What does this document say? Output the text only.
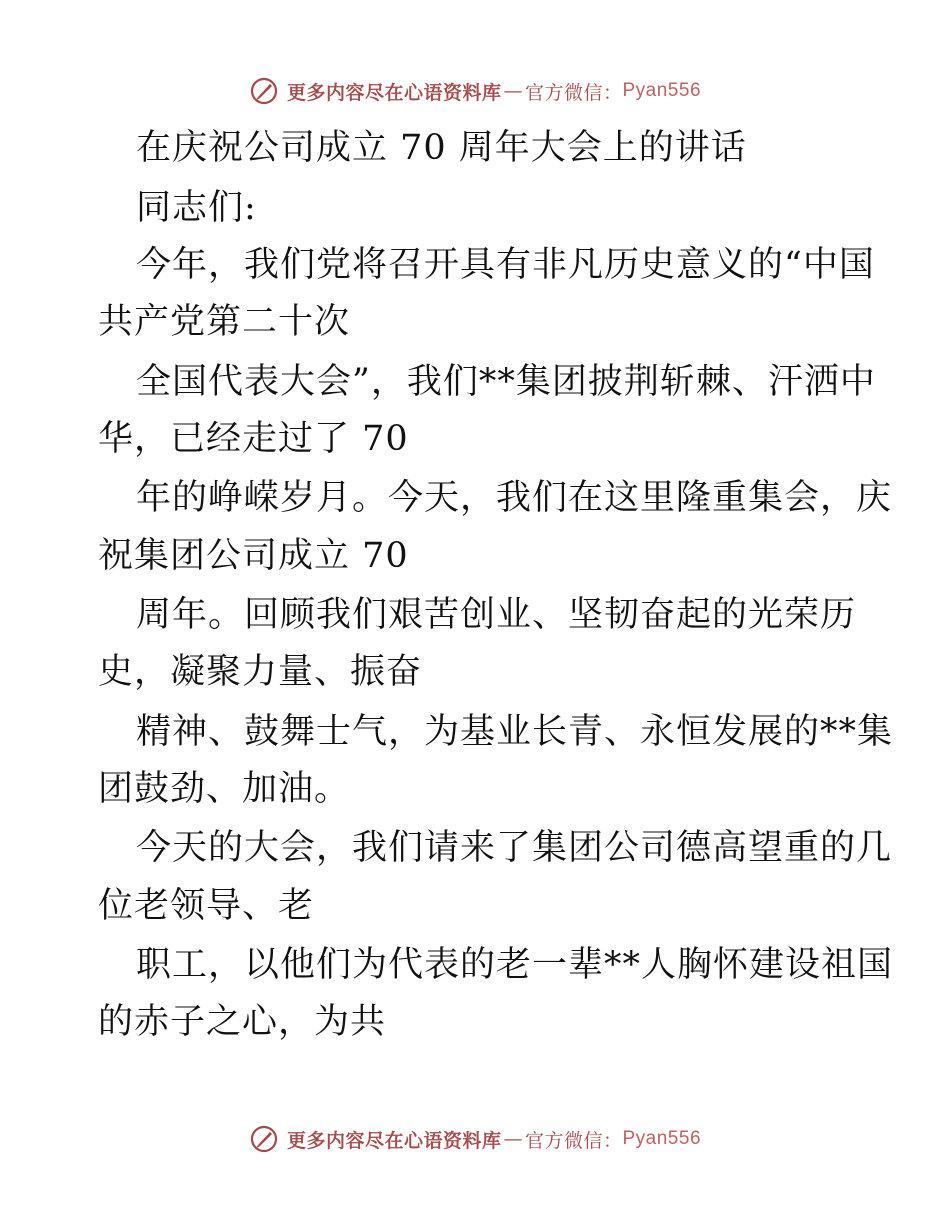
更多内容尽在心语资料库 — 官方微信： Pyan556
在庆祝公司成立 70 周年大会上的讲话
同志们:
今年，我们党将召开具有非凡历史意义的“中国
共产党第二十次
全国代表大会”，我们**集团披荆斩棘、汗洒中
华，已经走过了 70
年的峥嵘岁月。今天，我们在这里隆重集会，庆
祝集团公司成立 70
周年。回顾我们艰苦创业、坚韧奋起的光荣历
史，凝聚力量、振奋
精神、鼓舞士气，为基业长青、永恒发展的**集
团鼓劲、加油。
今天的大会，我们请来了集团公司德高望重的几
位老领导、老
职工，以他们为代表的老一辈**人胸怀建设祖国
的赤子之心，为共
更多内容尽在心语资料库 — 官方微信： Pyan556
